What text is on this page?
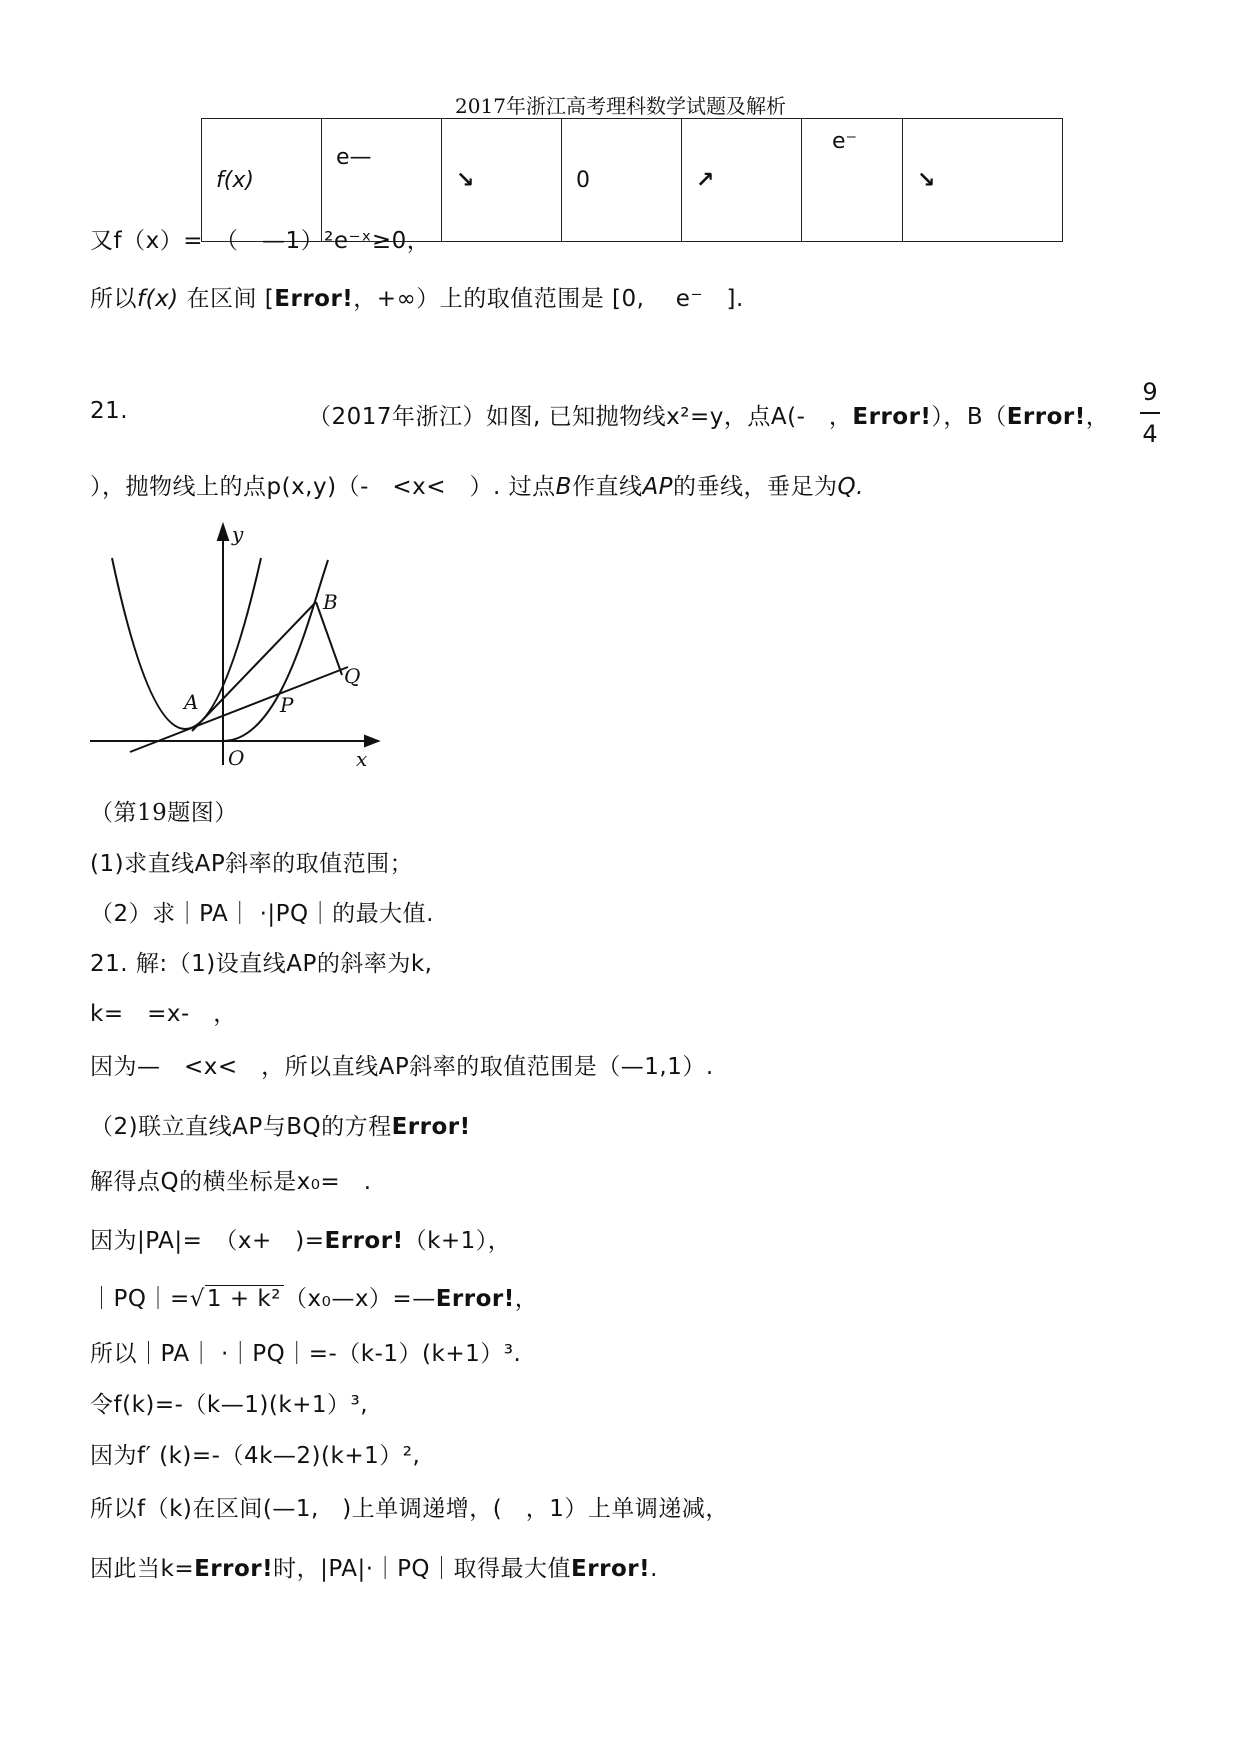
2017年浙江高考理科数学试题及解析
f(x)	e—	↘	0	↗	e⁻	↘
又f（x）=　（　—1）²e⁻ˣ≥0，
所以f(x) 在区间 [Error!，+∞）上的取值范围是 [0,　 e⁻　].
21.	（2017年浙江）如图, 已知抛物线x²=y，点A(-　，Error!），B（Error!，
9
4
），抛物线上的点p(x,y)（-　<x<　）. 过点B作直线AP的垂线，垂足为Q.
y
x
O
A
B
P
Q
（第19题图）
(1)求直线AP斜率的取值范围；
（2）求｜PA｜ ·|PQ｜的最大值.
21. 解:（1)设直线AP的斜率为k,
k=　=x-　，
因为—　<x<　，所以直线AP斜率的取值范围是（—1,1）.
（2)联立直线AP与BQ的方程Error!
解得点Q的横坐标是x₀=　.
因为|PA|=　（x+　)=Error!（k+1），
｜PQ｜=√1 + k² （x₀—x）=—Error!，
所以｜PA｜ ·｜PQ｜=-（k-1）(k+1）³.
令f(k)=-（k—1)(k+1）³,
因为f′ (k)=-（4k—2)(k+1）²,
所以f（k)在区间(—1,　)上单调递增，(　，1）上单调递减，
因此当k=Error!时，|PA|·｜PQ｜取得最大值Error!.
